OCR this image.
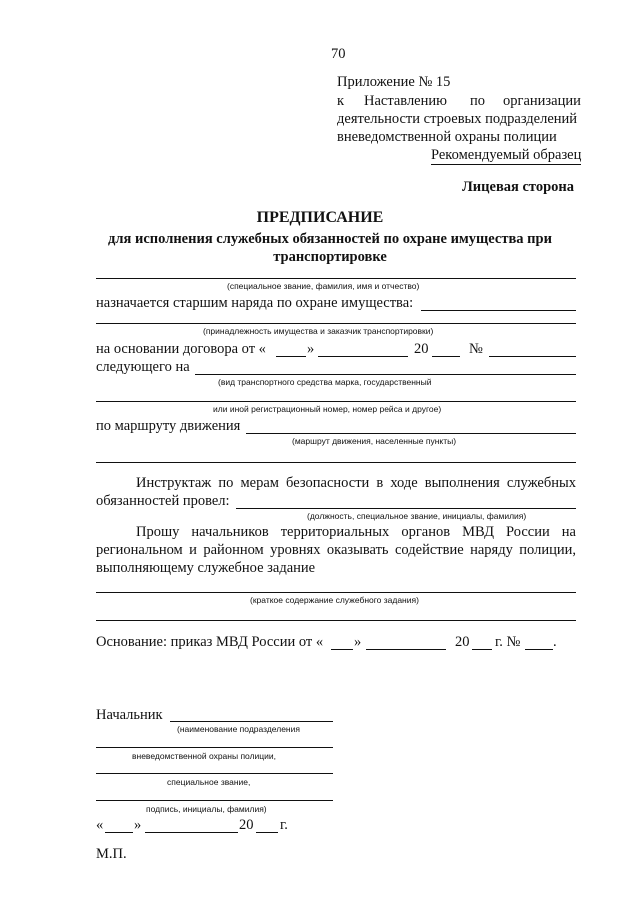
70
Приложение № 15
к Наставлению по организации
деятельности строевых подразделений
вневедомственной охраны полиции
Рекомендуемый образец
Лицевая сторона
ПРЕДПИСАНИЕ
для исполнения служебных обязанностей по охране имущества при
транспортировке
(специальное звание, фамилия, имя и отчество)
назначается старшим наряда по охране имущества:
(принадлежность имущества и заказчик транспортировки)
на основании договора от «	»	20	№
следующего на
(вид транспортного средства марка, государственный
или иной регистрационный номер, номер рейса и другое)
по маршруту движения
(маршрут движения, населенные пункты)
Инструктаж по мерам безопасности в ходе выполнения служебных
обязанностей провел:
(должность, специальное звание, инициалы, фамилия)
Прошу начальников территориальных органов МВД России на
региональном и районном уровнях оказывать содействие наряду полиции,
выполняющему служебное задание
(краткое содержание служебного задания)
Основание: приказ МВД России от « »	20 г. № .
Начальник
(наименование подразделения
вневедомственной охраны полиции,
специальное звание,
подпись, инициалы, фамилия)
« »	20 г.
М.П.
